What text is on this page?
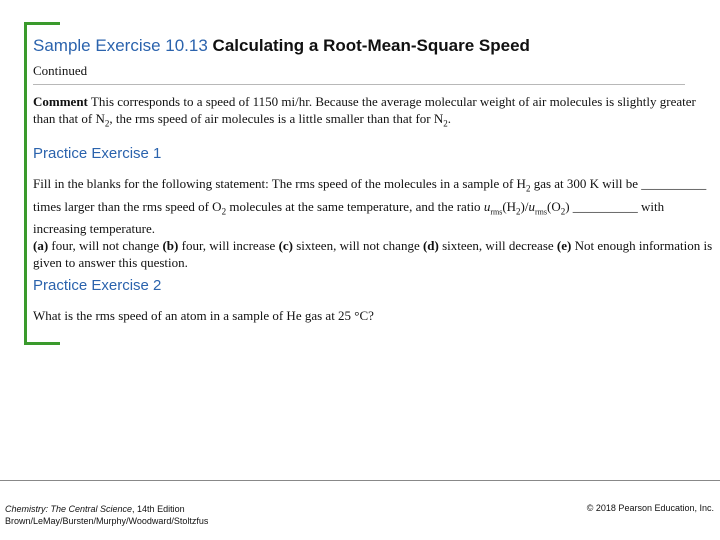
Sample Exercise 10.13 Calculating a Root-Mean-Square Speed
Continued
Comment This corresponds to a speed of 1150 mi/hr. Because the average molecular weight of air molecules is slightly greater than that of $N_2$, the rms speed of air molecules is a little smaller than that for $N_2$.
Practice Exercise 1
Fill in the blanks for the following statement: The rms speed of the molecules in a sample of $H_2$ gas at 300 K will be __________ times larger than the rms speed of $O_2$ molecules at the same temperature, and the ratio $u_{rms}(H_2)/u_{rms}(O_2)$ __________ with increasing temperature.
(a) four, will not change (b) four, will increase (c) sixteen, will not change (d) sixteen, will decrease (e) Not enough information is given to answer this question.
Practice Exercise 2
What is the rms speed of an atom in a sample of He gas at 25 °C?
Chemistry: The Central Science, 14th Edition
Brown/LeMay/Bursten/Murphy/Woodward/Stoltzfus
© 2018 Pearson Education, Inc.
